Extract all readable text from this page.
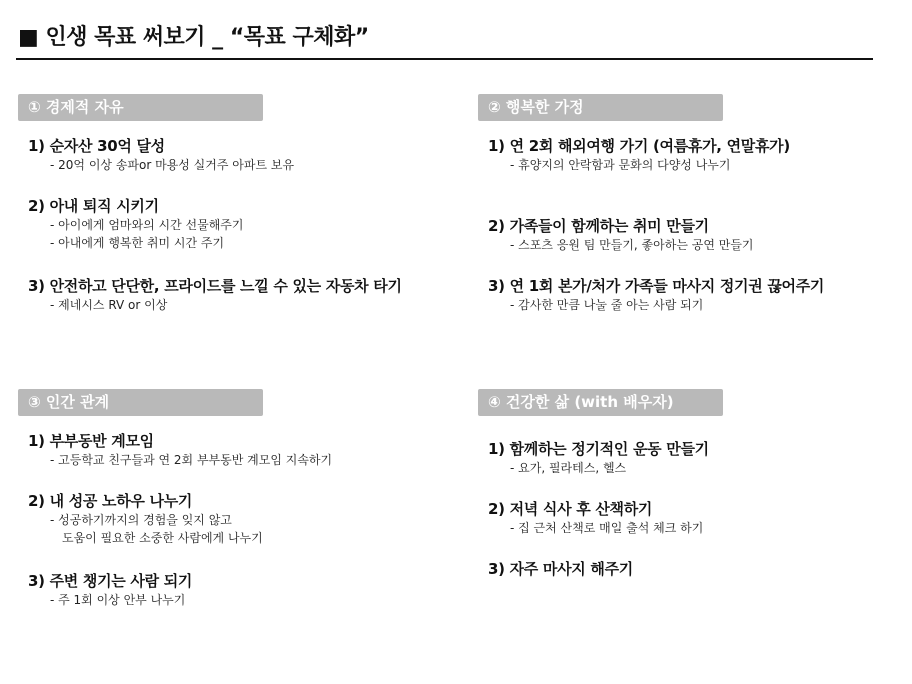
■ 인생 목표 써보기 _ “목표 구체화”
① 경제적 자유
1) 순자산 30억 달성
- 20억 이상 송파or 마용성 실거주 아파트 보유
2) 아내 퇴직 시키기
- 아이에게 엄마와의 시간 선물해주기
- 아내에게 행복한 취미 시간 주기
3) 안전하고 단단한, 프라이드를 느낄 수 있는 자동차 타기
- 제네시스 RV or 이상
② 행복한 가정
1) 연 2회 해외여행 가기 (여름휴가, 연말휴가)
- 휴양지의 안락함과 문화의 다양성 나누기
2) 가족들이 함께하는 취미 만들기
- 스포츠 응원 팀 만들기, 좋아하는 공연 만들기
3) 연 1회 본가/처가 가족들 마사지 정기권 끊어주기
- 감사한 만큼 나눌 줄 아는 사람 되기
③ 인간 관계
1) 부부동반 계모임
- 고등학교 친구들과 연 2회 부부동반 계모임 지속하기
2) 내 성공 노하우 나누기
- 성공하기까지의 경험을 잊지 않고
도움이 필요한 소중한 사람에게 나누기
3) 주변 챙기는 사람 되기
- 주 1회 이상 안부 나누기
④ 건강한 삶 (with 배우자)
1) 함께하는 정기적인 운동 만들기
- 요가, 필라테스, 헬스
2) 저녁 식사 후 산책하기
- 집 근처 산책로 매일 출석 체크 하기
3) 자주 마사지 해주기
